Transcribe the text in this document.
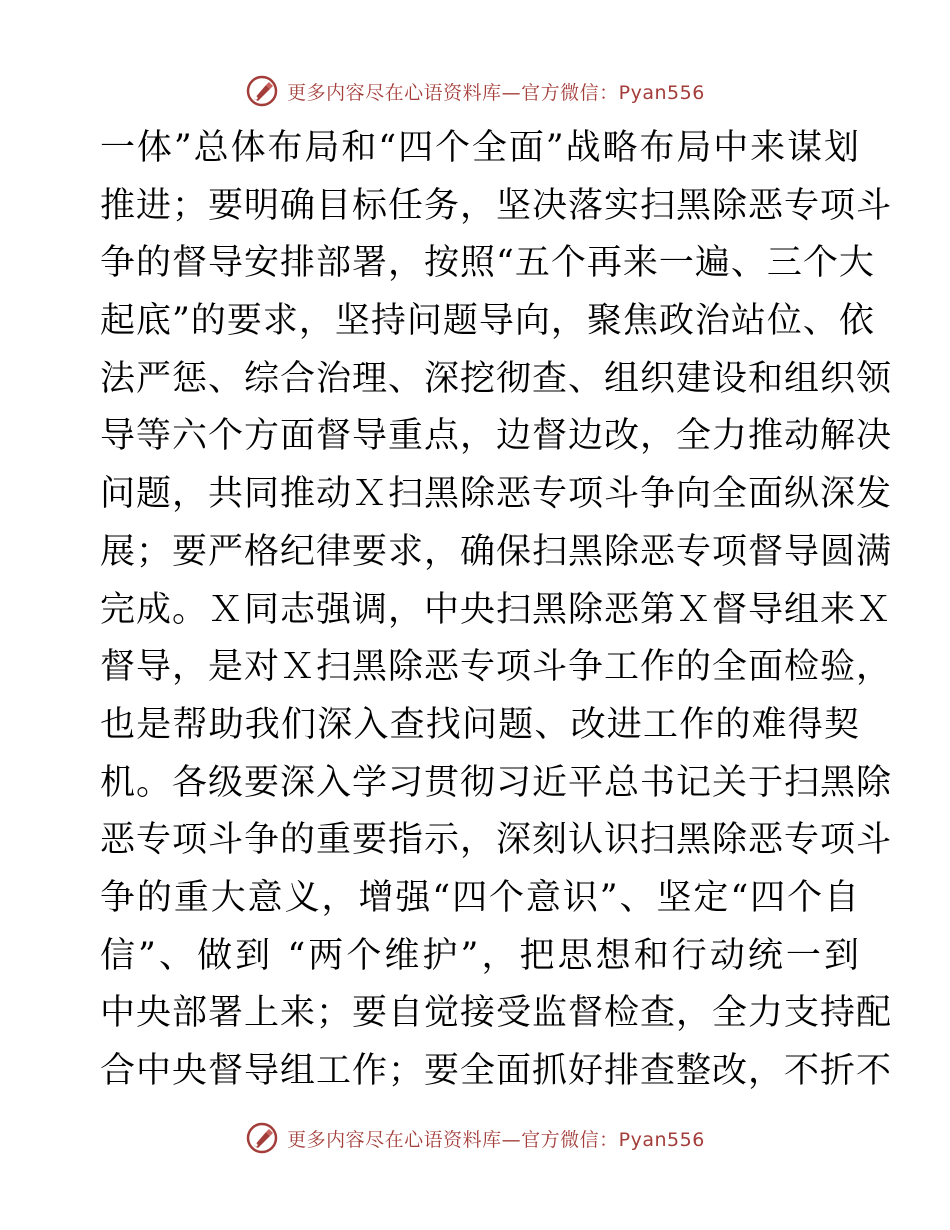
更多内容尽在心语资料库—官方微信：Pyan556
一体”总体布局和“四个全面”战略布局中来谋划
推进；要明确目标任务，坚决落实扫黑除恶专项斗
争的督导安排部署，按照“五个再来一遍、三个大
起底”的要求，坚持问题导向，聚焦政治站位、依
法严惩、综合治理、深挖彻查、组织建设和组织领
导等六个方面督导重点，边督边改，全力推动解决
问题，共同推动Ｘ扫黑除恶专项斗争向全面纵深发
展；要严格纪律要求，确保扫黑除恶专项督导圆满
完成。Ｘ同志强调，中央扫黑除恶第Ｘ督导组来Ｘ
督导，是对Ｘ扫黑除恶专项斗争工作的全面检验，
也是帮助我们深入查找问题、改进工作的难得契
机。各级要深入学习贯彻习近平总书记关于扫黑除
恶专项斗争的重要指示，深刻认识扫黑除恶专项斗
争的重大意义，增强“四个意识”、坚定“四个自
信”、做到 “两个维护”，把思想和行动统一到
中央部署上来；要自觉接受监督检查，全力支持配
合中央督导组工作；要全面抓好排查整改，不折不
更多内容尽在心语资料库—官方微信：Pyan556
